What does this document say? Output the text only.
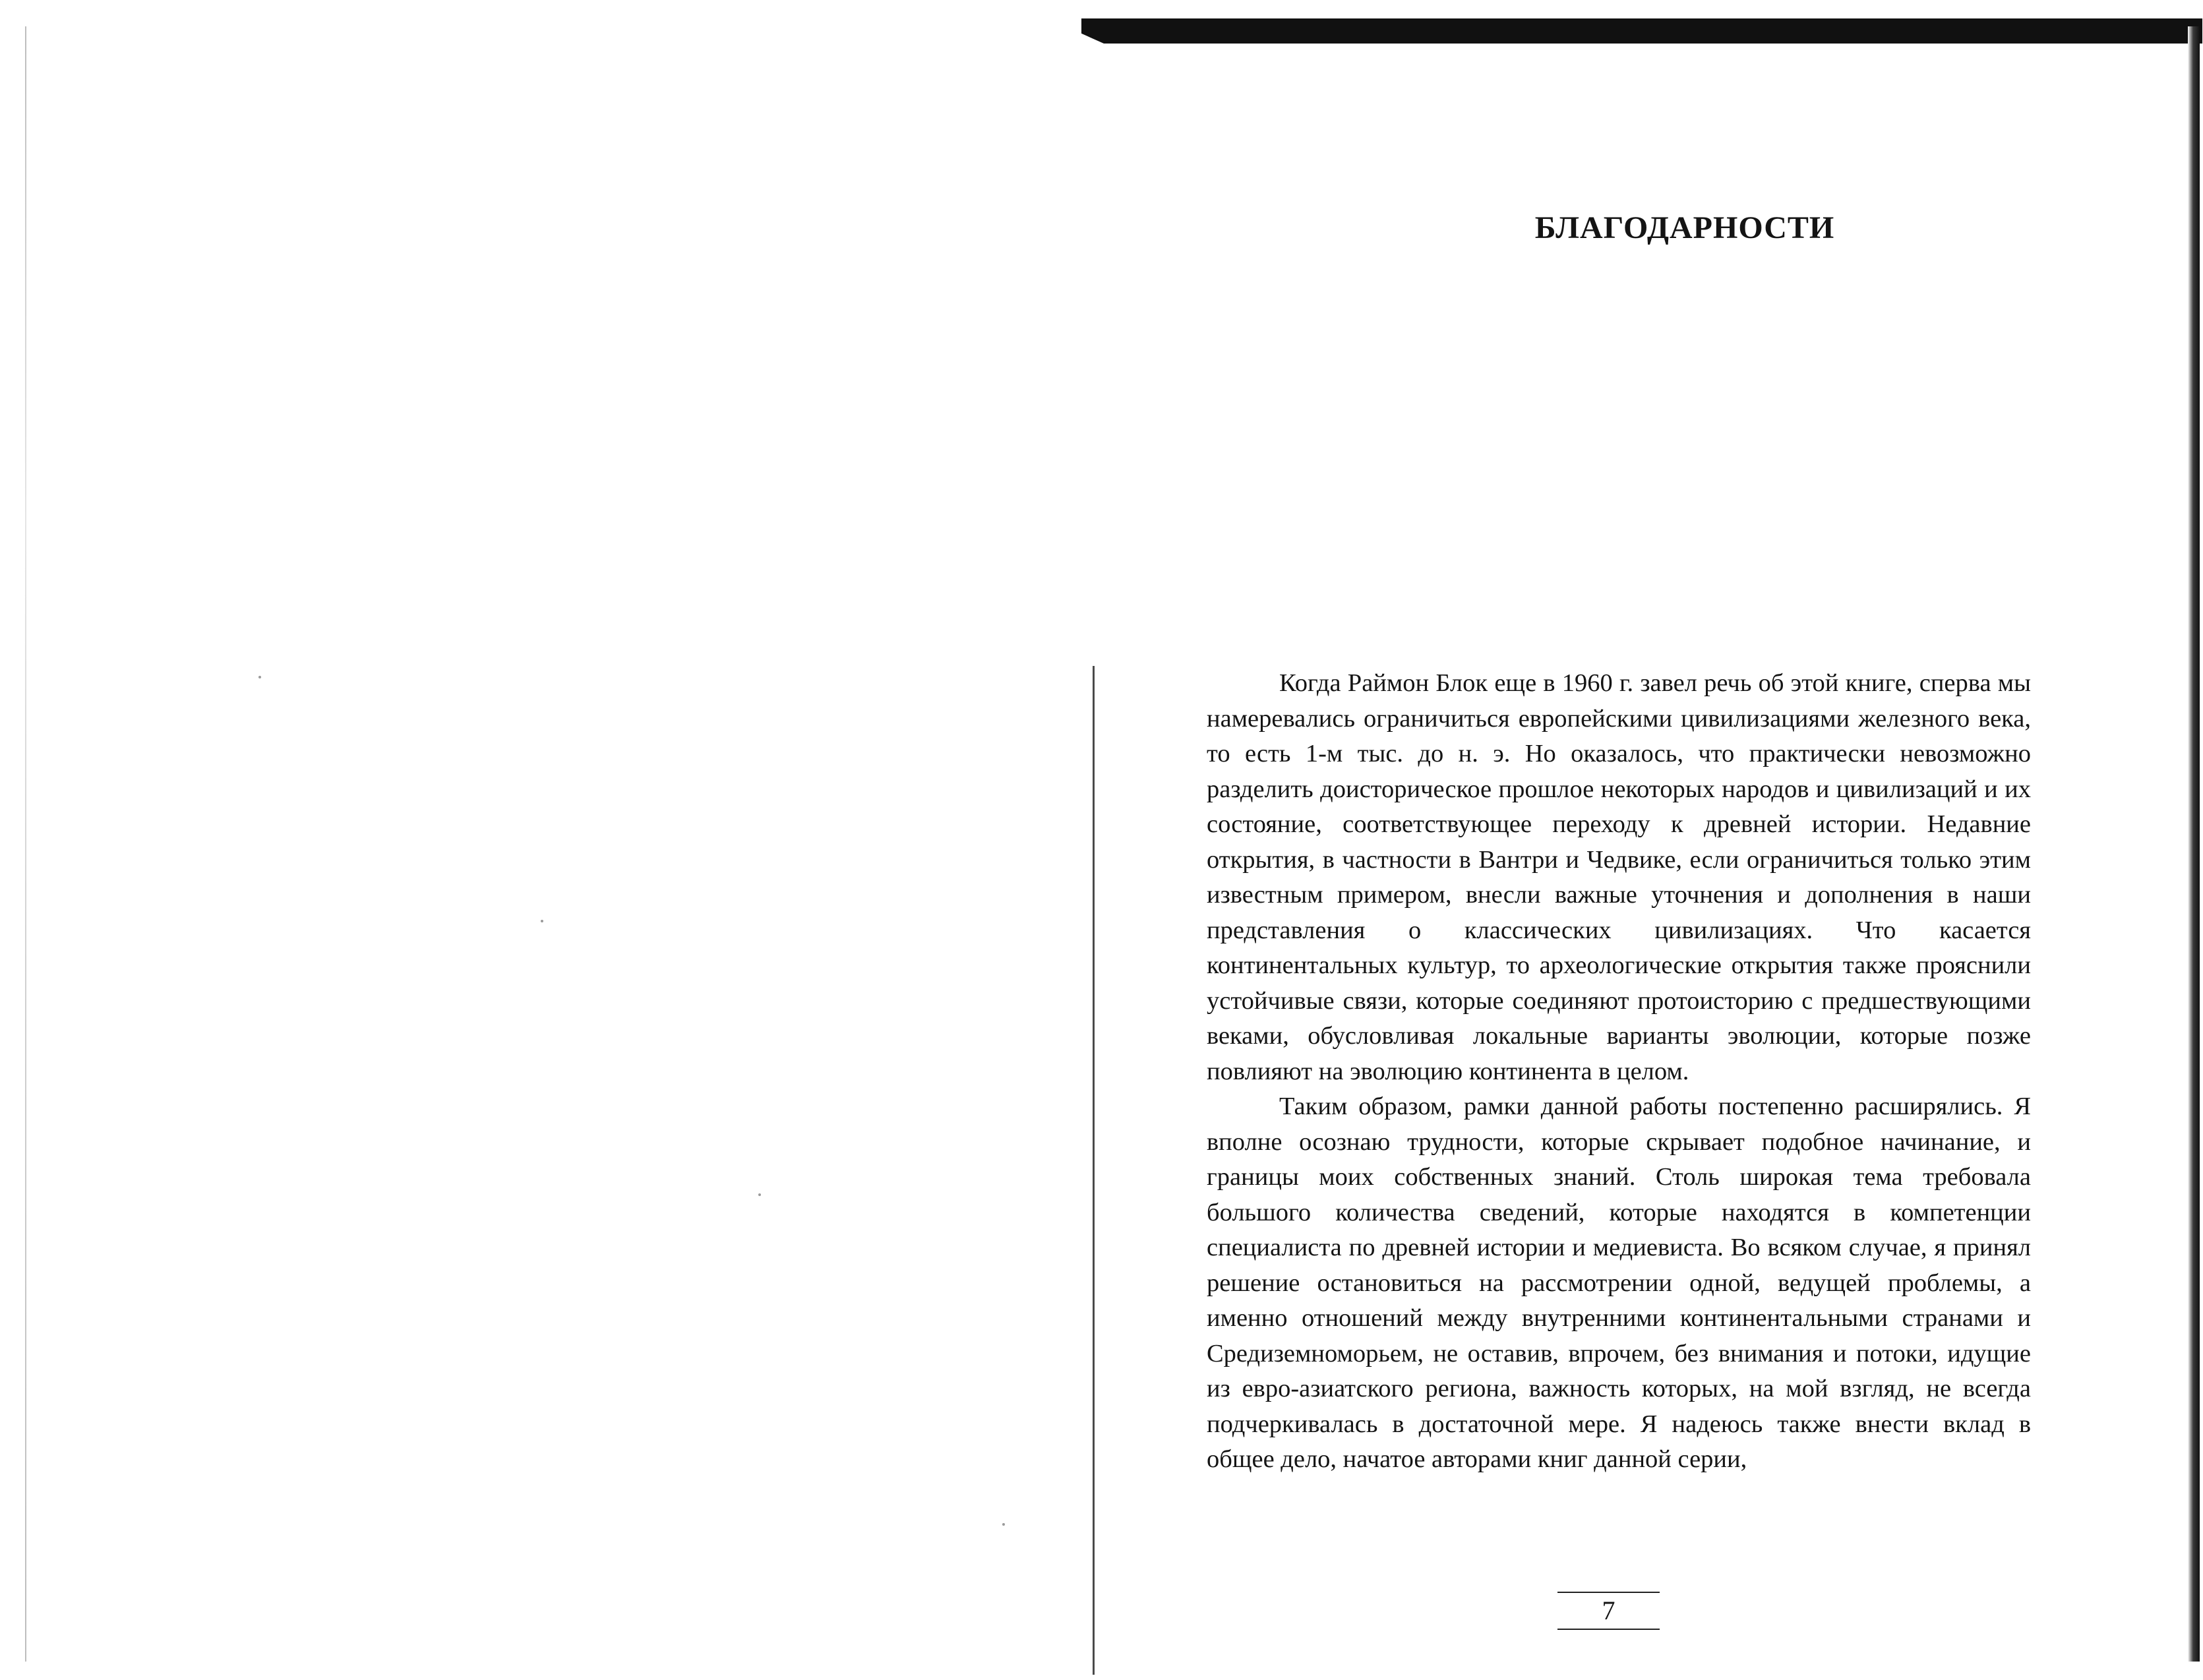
БЛАГОДАРНОСТИ

Когда Раймон Блок еще в 1960 г. завел речь об этой книге, сперва мы намеревались ограничиться европейскими цивилизациями железного века, то есть 1-м тыс. до н. э. Но оказалось, что практически невозможно разделить доисторическое прошлое некоторых народов и цивилизаций и их состояние, соответствующее переходу к древней истории. Недавние открытия, в частности в Вантри и Чедвике, если ограничиться только этим известным примером, внесли важные уточнения и дополнения в наши представления о классических цивилизациях. Что касается континентальных культур, то археологические открытия также прояснили устойчивые связи, которые соединяют протоисторию с предшествующими веками, обусловливая локальные варианты эволюции, которые позже повлияют на эволюцию континента в целом.

Таким образом, рамки данной работы постепенно расширялись. Я вполне осознаю трудности, которые скрывает подобное начинание, и границы моих собственных знаний. Столь широкая тема требовала большого количества сведений, которые находятся в компетенции специалиста по древней истории и медиевиста. Во всяком случае, я принял решение остановиться на рассмотрении одной, ведущей проблемы, а именно отношений между внутренними континентальными странами и Средиземноморьем, не оставив, впрочем, без внимания и потоки, идущие из евро-азиатского региона, важность которых, на мой взгляд, не всегда подчеркивалась в достаточной мере. Я надеюсь также внести вклад в общее дело, начатое авторами книг данной серии,

7
